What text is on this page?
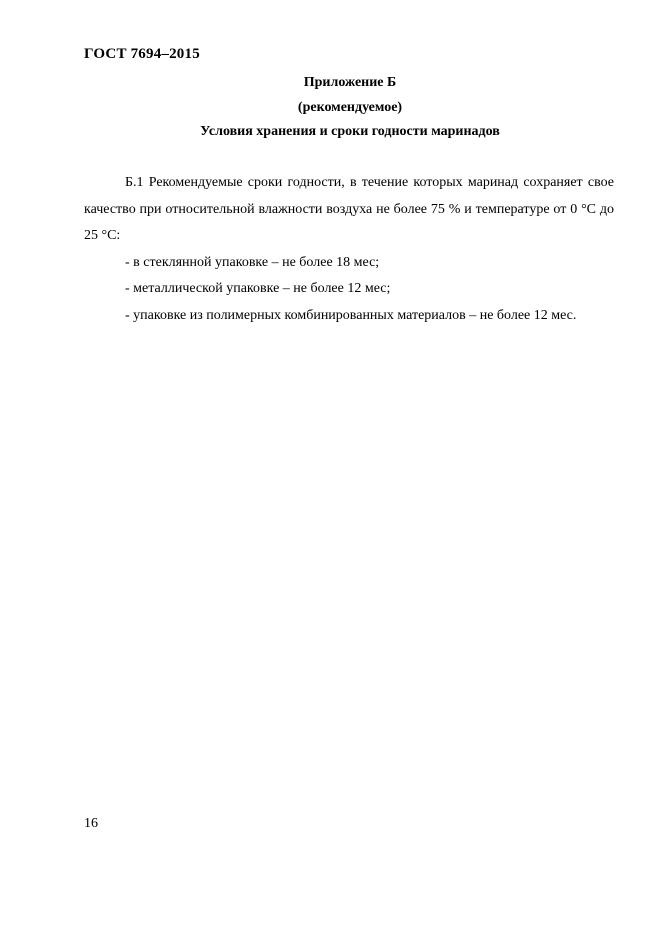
ГОСТ 7694–2015
Приложение Б
(рекомендуемое)
Условия хранения и сроки годности маринадов

Б.1 Рекомендуемые сроки годности, в течение которых маринад сохраняет свое качество при относительной влажности воздуха не более 75 % и температуре от 0 °С до 25 °С:

- в стеклянной упаковке – не более 18 мес;

- металлической упаковке – не более 12 мес;

- упаковке из полимерных комбинированных материалов – не более 12 мес.

16
